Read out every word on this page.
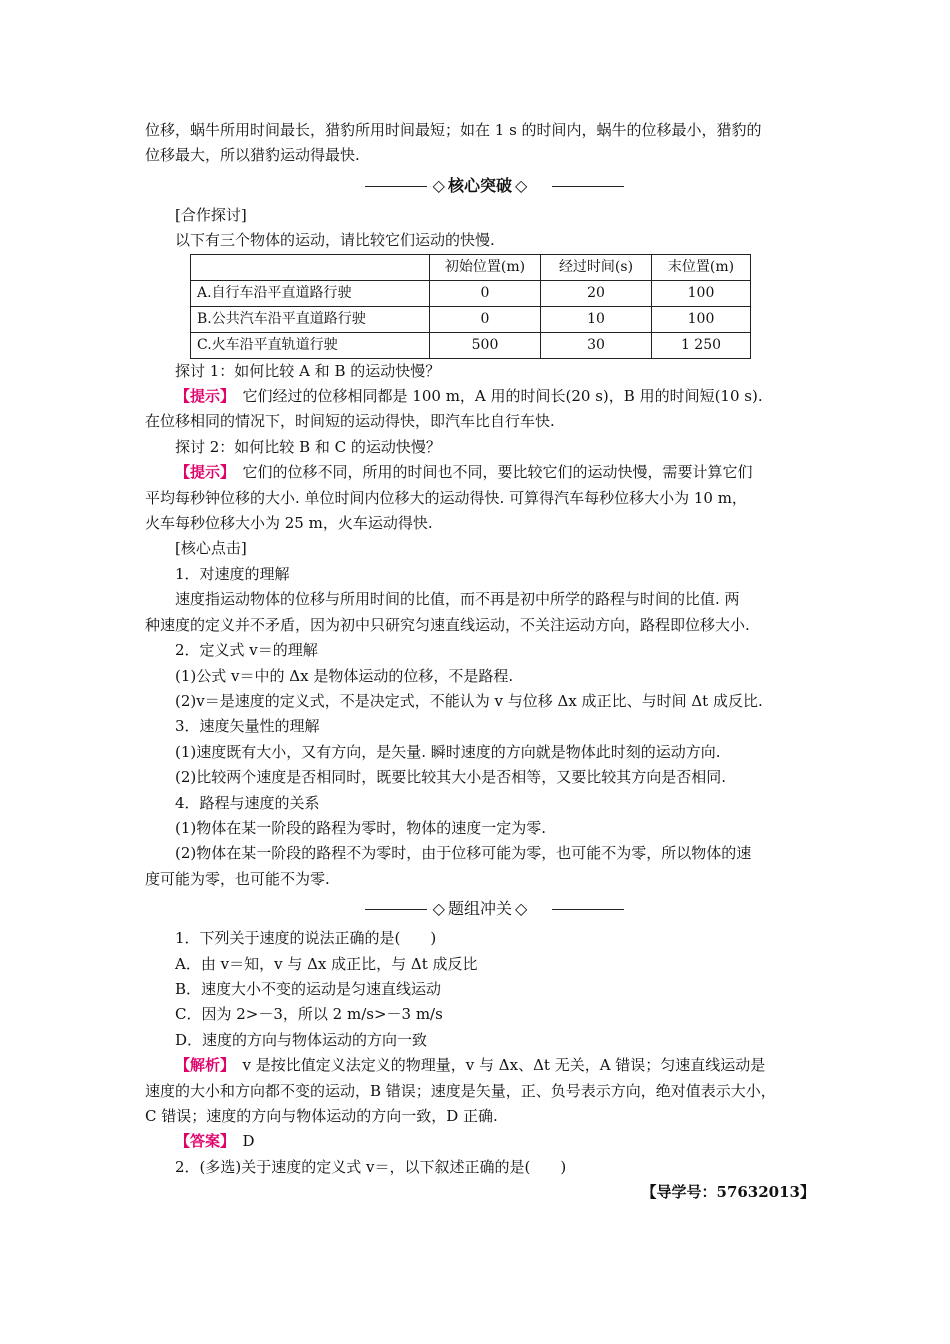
位移，蜗牛所用时间最长，猎豹所用时间最短；如在 1 s 的时间内，蜗牛的位移最小，猎豹的

位移最大，所以猎豹运动得最快.

◇ 核心突破 ◇

[合作探讨]

以下有三个物体的运动，请比较它们运动的快慢.

	初始位置(m)	经过时间(s)	末位置(m)
A.自行车沿平直道路行驶	0	20	100
B.公共汽车沿平直道路行驶	0	10	100
C.火车沿平直轨道行驶	500	30	1 250

探讨 1：如何比较 A 和 B 的运动快慢？

【提示】　 它们经过的位移相同都是 100 m，A 用的时间长(20 s)，B 用的时间短(10 s).

在位移相同的情况下，时间短的运动得快，即汽车比自行车快.

探讨 2：如何比较 B 和 C 的运动快慢？

【提示】　 它们的位移不同，所用的时间也不同，要比较它们的运动快慢，需要计算它们

平均每秒钟位移的大小. 单位时间内位移大的运动得快. 可算得汽车每秒位移大小为 10 m，

火车每秒位移大小为 25 m，火车运动得快.

[核心点击]

1．对速度的理解

速度指运动物体的位移与所用时间的比值，而不再是初中所学的路程与时间的比值. 两

种速度的定义并不矛盾，因为初中只研究匀速直线运动，不关注运动方向，路程即位移大小.

2．定义式 v＝的理解

(1)公式 v＝中的 Δx 是物体运动的位移，不是路程.

(2)v＝是速度的定义式，不是决定式，不能认为 v 与位移 Δx 成正比、与时间 Δt 成反比.

3．速度矢量性的理解

(1)速度既有大小，又有方向，是矢量. 瞬时速度的方向就是物体此时刻的运动方向.

(2)比较两个速度是否相同时，既要比较其大小是否相等，又要比较其方向是否相同.

4．路程与速度的关系

(1)物体在某一阶段的路程为零时，物体的速度一定为零.

(2)物体在某一阶段的路程不为零时，由于位移可能为零，也可能不为零，所以物体的速

度可能为零，也可能不为零.

◇ 题组冲关 ◇

1．下列关于速度的说法正确的是(　　)

A．由 v＝知，v 与 Δx 成正比，与 Δt 成反比

B．速度大小不变的运动是匀速直线运动

C．因为 2>－3，所以 2 m/s>－3 m/s

D．速度的方向与物体运动的方向一致

【解析】　 v 是按比值定义法定义的物理量，v 与 Δx、Δt 无关，A 错误；匀速直线运动是

速度的大小和方向都不变的运动，B 错误；速度是矢量，正、负号表示方向，绝对值表示大小，

C 错误；速度的方向与物体运动的方向一致，D 正确.

【答案】　 D

2．(多选)关于速度的定义式 v＝，以下叙述正确的是(　　)

【导学号：57632013】
